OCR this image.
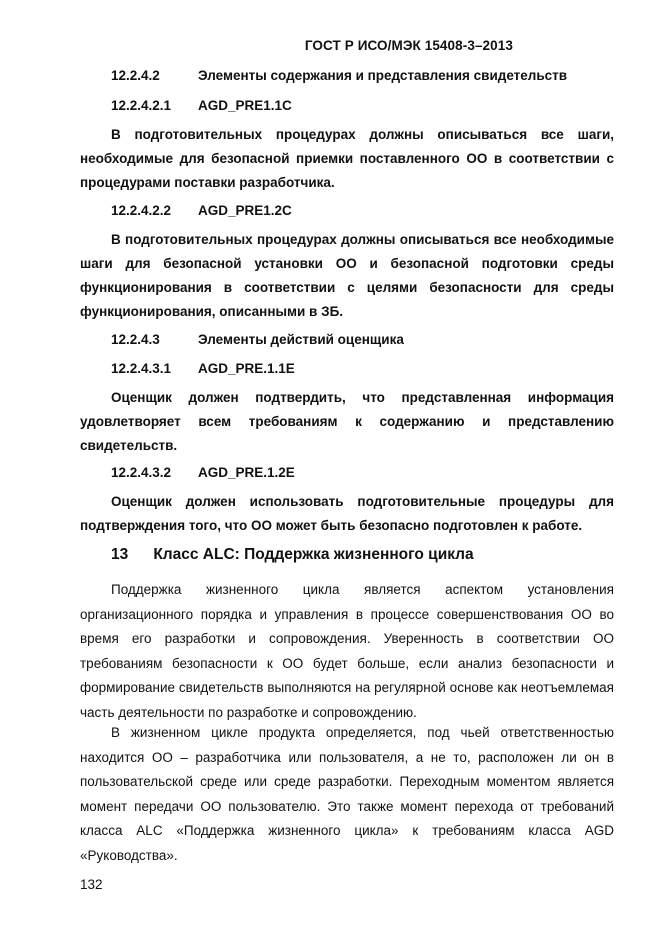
ГОСТ Р ИСО/МЭК 15408-3–2013
12.2.4.2	Элементы содержания и представления свидетельств
12.2.4.2.1	AGD_PRE1.1C
В подготовительных процедурах должны описываться все шаги, необходимые для безопасной приемки поставленного ОО в соответствии с процедурами поставки разработчика.
12.2.4.2.2	AGD_PRE1.2C
В подготовительных процедурах должны описываться все необходимые шаги для безопасной установки ОО и безопасной подготовки среды функционирования в соответствии с целями безопасности для среды функционирования, описанными в ЗБ.
12.2.4.3	Элементы действий оценщика
12.2.4.3.1	AGD_PRE.1.1E
Оценщик должен подтвердить, что представленная информация удовлетворяет всем требованиям к содержанию и представлению свидетельств.
12.2.4.3.2	AGD_PRE.1.2E
Оценщик должен использовать подготовительные процедуры для подтверждения того, что ОО может быть безопасно подготовлен к работе.
13 Класс ALC: Поддержка жизненного цикла
Поддержка жизненного цикла является аспектом установления организационного порядка и управления в процессе совершенствования ОО во время его разработки и сопровождения. Уверенность в соответствии ОО требованиям безопасности к ОО будет больше, если анализ безопасности и формирование свидетельств выполняются на регулярной основе как неотъемлемая часть деятельности по разработке и сопровождению.
В жизненном цикле продукта определяется, под чьей ответственностью находится ОО – разработчика или пользователя, а не то, расположен ли он в пользовательской среде или среде разработки. Переходным моментом является момент передачи ОО пользователю. Это также момент перехода от требований класса ALC «Поддержка жизненного цикла» к требованиям класса AGD «Руководства».
132
